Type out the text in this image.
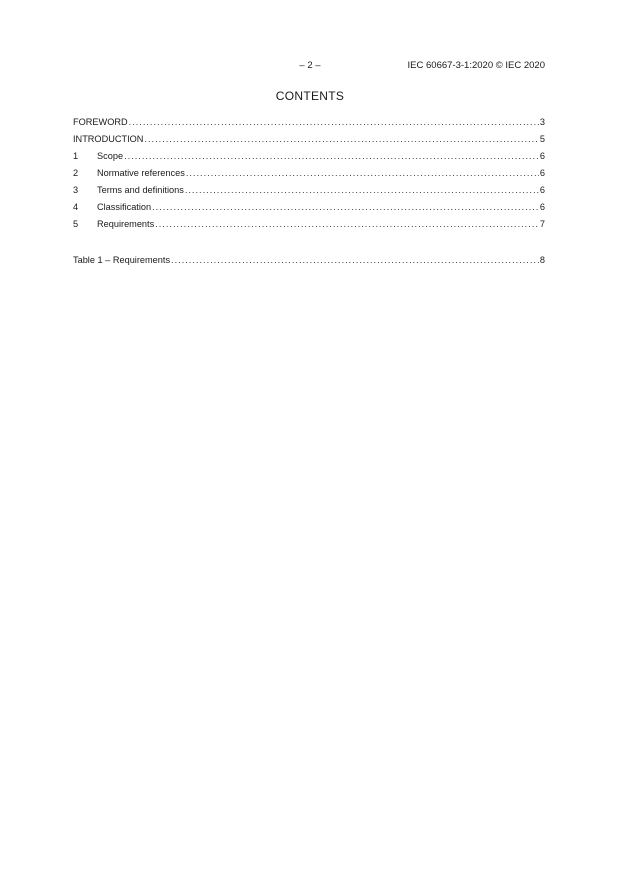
– 2 –	IEC 60667-3-1:2020 © IEC 2020
CONTENTS
FOREWORD .....	3
INTRODUCTION .....	5
1	Scope .....	6
2	Normative references .....	6
3	Terms and definitions .....	6
4	Classification .....	6
5	Requirements .....	7
Table 1 – Requirements .....	8
